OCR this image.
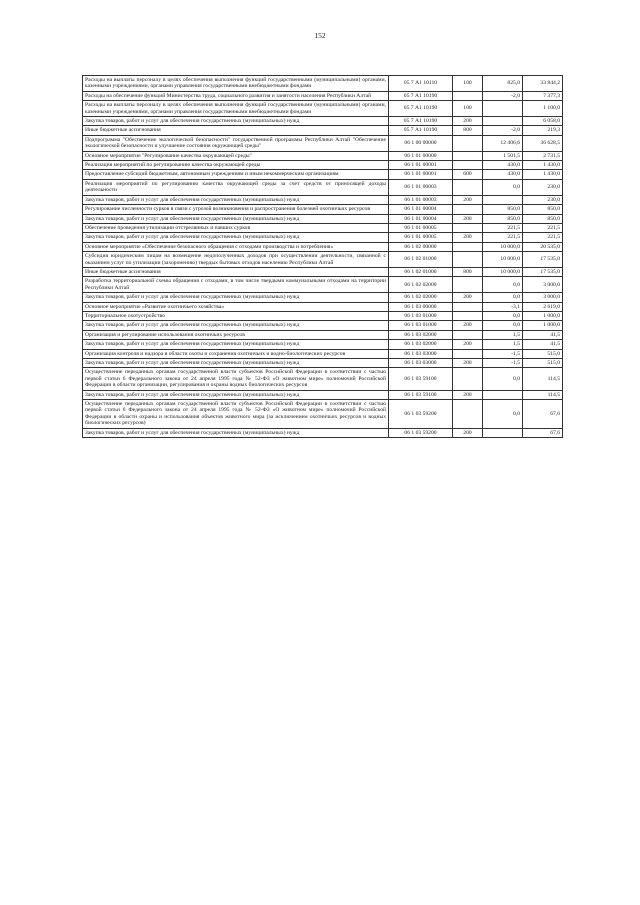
152
Расходы на выплаты персоналу в целях обеспечения выполнения функций государственными (муниципальными) органами, казенными учреждениями, органами управления государственными внебюджетными фондами	05 7 А1 10110	100	825,0	33 844,2
Расходы на обеспечение функций Министерства труда, социального развития и занятости населения Республики Алтай	05 7 А1 10190		-2,0	7 377,3
Расходы на выплаты персоналу в целях обеспечения выполнения функций государственными (муниципальными) органами, казенными учреждениями, органами управления государственными внебюджетными фондами	05 7 А1 10190	100		1 100,0
Закупка товаров, работ и услуг для обеспечения государственных (муниципальных) нужд	05 7 А1 10190	200		6 058,0
Иные бюджетные ассигнования	05 7 А1 10190	800	-2,0	219,3
Подпрограмма "Обеспечение экологической безопасности" государственной программы Республики Алтай "Обеспечение экологической безопасности и улучшение состояния окружающей среды"	06 1 00 00000		12 406,6	36 628,5
Основное мероприятие "Регулирование качества окружающей среды"	06 1 01 00000		1 501,5	2 731,5
Реализация мероприятий по регулированию качества окружающей среды	06 1 01 00001		430,0	1 430,0
Предоставление субсидий бюджетным, автономным учреждениям и иным некоммерческим организациям	06 1 01 00001	600	430,0	1 430,0
Реализация мероприятий по регулированию качества окружающей среды за счет средств от приносящей доходы деятельности	06 1 01 00003		0,0	230,0
Закупка товаров, работ и услуг для обеспечения государственных (муниципальных) нужд	06 1 01 00003	200		230,0
Регулирование численности сурков в связи с угрозой возникновения и распространения болезней охотничьих ресурсов	06 1 01 00004		850,0	850,0
Закупка товаров, работ и услуг для обеспечения государственных (муниципальных) нужд	06 1 01 00004	200	850,0	850,0
Обеспечение проведения утилизации отстрелянных и павших сурков	06 1 01 00005		221,5	221,5
Закупка товаров, работ и услуг для обеспечения государственных (муниципальных) нужд	06 1 01 00005	200	221,5	221,5
Основное мероприятие «Обеспечение безопасного обращения с отходами производства и потребления»	06 1 02 00000		10 000,0	20 535,0
Субсидия юридическим лицам на возмещение недополученных доходов при осуществлении деятельности, связанной с оказанием услуг по утилизации (захоронению) твердых бытовых отходов населению Республики Алтай	06 1 02 01000		10 000,0	17 535,0
Иные бюджетные ассигнования	06 1 02 01000	800	10 000,0	17 535,0
Разработка территориальной схемы обращения с отходами, в том числе твердыми коммунальными отходами на территории Республики Алтай	06 1 02 02000		0,0	3 000,0
Закупка товаров, работ и услуг для обеспечения государственных (муниципальных) нужд	06 1 02 02000	200	0,0	3 000,0
Основное мероприятие «Развитие охотничьего хозяйства»	06 1 03 00000		-3,1	2 619,0
Территориальное охотустройство	06 1 03 01000		0,0	1 000,0
Закупка товаров, работ и услуг для обеспечения государственных (муниципальных) нужд	06 1 03 01000	200	0,0	1 000,0
Организация и регулирование использования охотничьих ресурсов	06 1 03 02000		1,5	41,5
Закупка товаров, работ и услуг для обеспечения государственных (муниципальных) нужд	06 1 03 02000	200	1,5	41,5
Организация контроля и надзора в области охоты и сохранения охотничьих и водно-биологических ресурсов	06 1 03 03000		-1,5	515,0
Закупка товаров, работ и услуг для обеспечения государственных (муниципальных) нужд	06 1 03 03000	200	-1,5	515,0
Осуществление переданных органам государственной власти субъектов Российской Федерации в соответствии с частью первой статьи 6 Федерального закона от 24 апреля 1995 года № 52-ФЗ «О животном мире» полномочий Российской Федерации в области организации, регулирования и охраны водных биологических ресурсов	06 1 03 59100		0,0	114,5
Закупка товаров, работ и услуг для обеспечения государственных (муниципальных) нужд	06 1 03 59100	200		114,5
Осуществление переданных органам государственной власти субъектов Российской Федерации в соответствии с частью первой статьи 6 Федерального закона от 24 апреля 1995 года № 52-ФЗ «О животном мире» полномочий Российской Федерации в области охраны и использования объектов животного мира (за исключением охотничьих ресурсов и водных биологических ресурсов)	06 1 03 59200		0,0	67,6
Закупка товаров, работ и услуг для обеспечения государственных (муниципальных) нужд	06 1 03 59200	200		67,6
